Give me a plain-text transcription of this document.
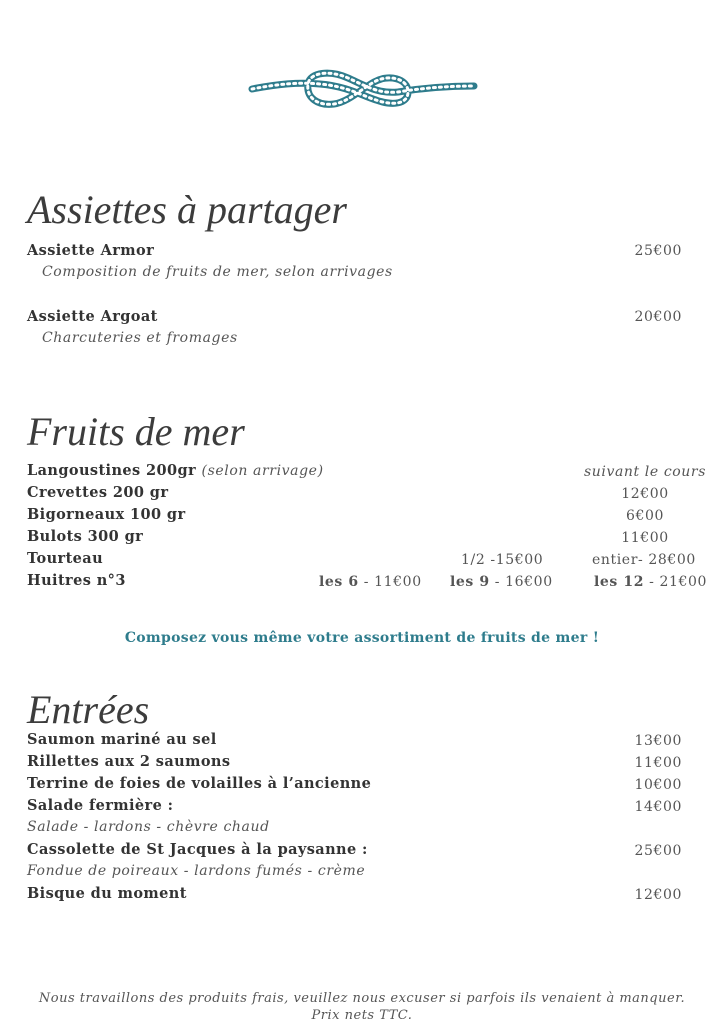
Assiettes à partager
Assiette Armor	25€00
Composition de fruits de mer, selon arrivages
Assiette Argoat	20€00
Charcuteries et fromages
Fruits de mer
Langoustines 200gr (selon arrivage)	suivant le cours
Crevettes 200 gr	12€00
Bigorneaux 100 gr	6€00
Bulots 300 gr	11€00
Tourteau	1/2 -15€00	entier- 28€00
Huitres n°3	les 6 - 11€00 les 9 - 16€00	les 12 - 21€00
Composez vous même votre assortiment de fruits de mer !
Entrées
Saumon mariné au sel	13€00
Rillettes aux 2 saumons	11€00
Terrine de foies de volailles à l’ancienne	10€00
Salade fermière :	14€00
Salade - lardons - chèvre chaud
Cassolette de St Jacques à la paysanne :	25€00
Fondue de poireaux - lardons fumés - crème
Bisque du moment	12€00
Nous travaillons des produits frais, veuillez nous excuser si parfois ils venaient à manquer.
Prix nets TTC.
